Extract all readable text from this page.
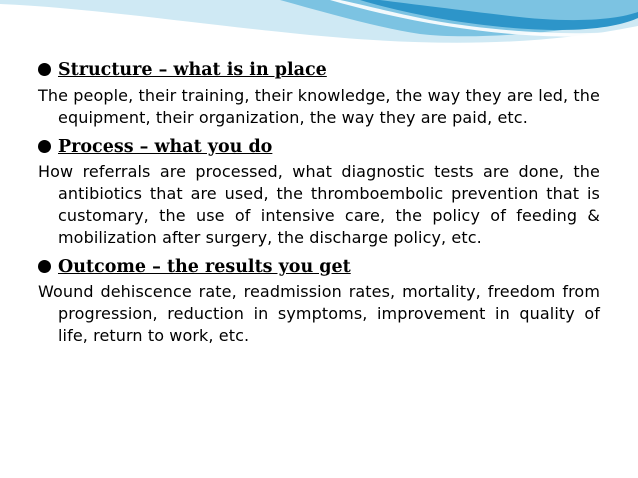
Structure – what is in place

The people, their training, their knowledge, the way they are led, the equipment, their organization, the way they are paid, etc.

Process – what you do

How referrals are processed, what diagnostic tests are done, the antibiotics that are used, the thromboembolic prevention that is customary, the use of intensive care, the policy of feeding & mobilization after surgery, the discharge policy, etc.

Outcome – the results you get

Wound dehiscence rate, readmission rates, mortality, freedom from progression, reduction in symptoms, improvement in quality of life, return to work, etc.
